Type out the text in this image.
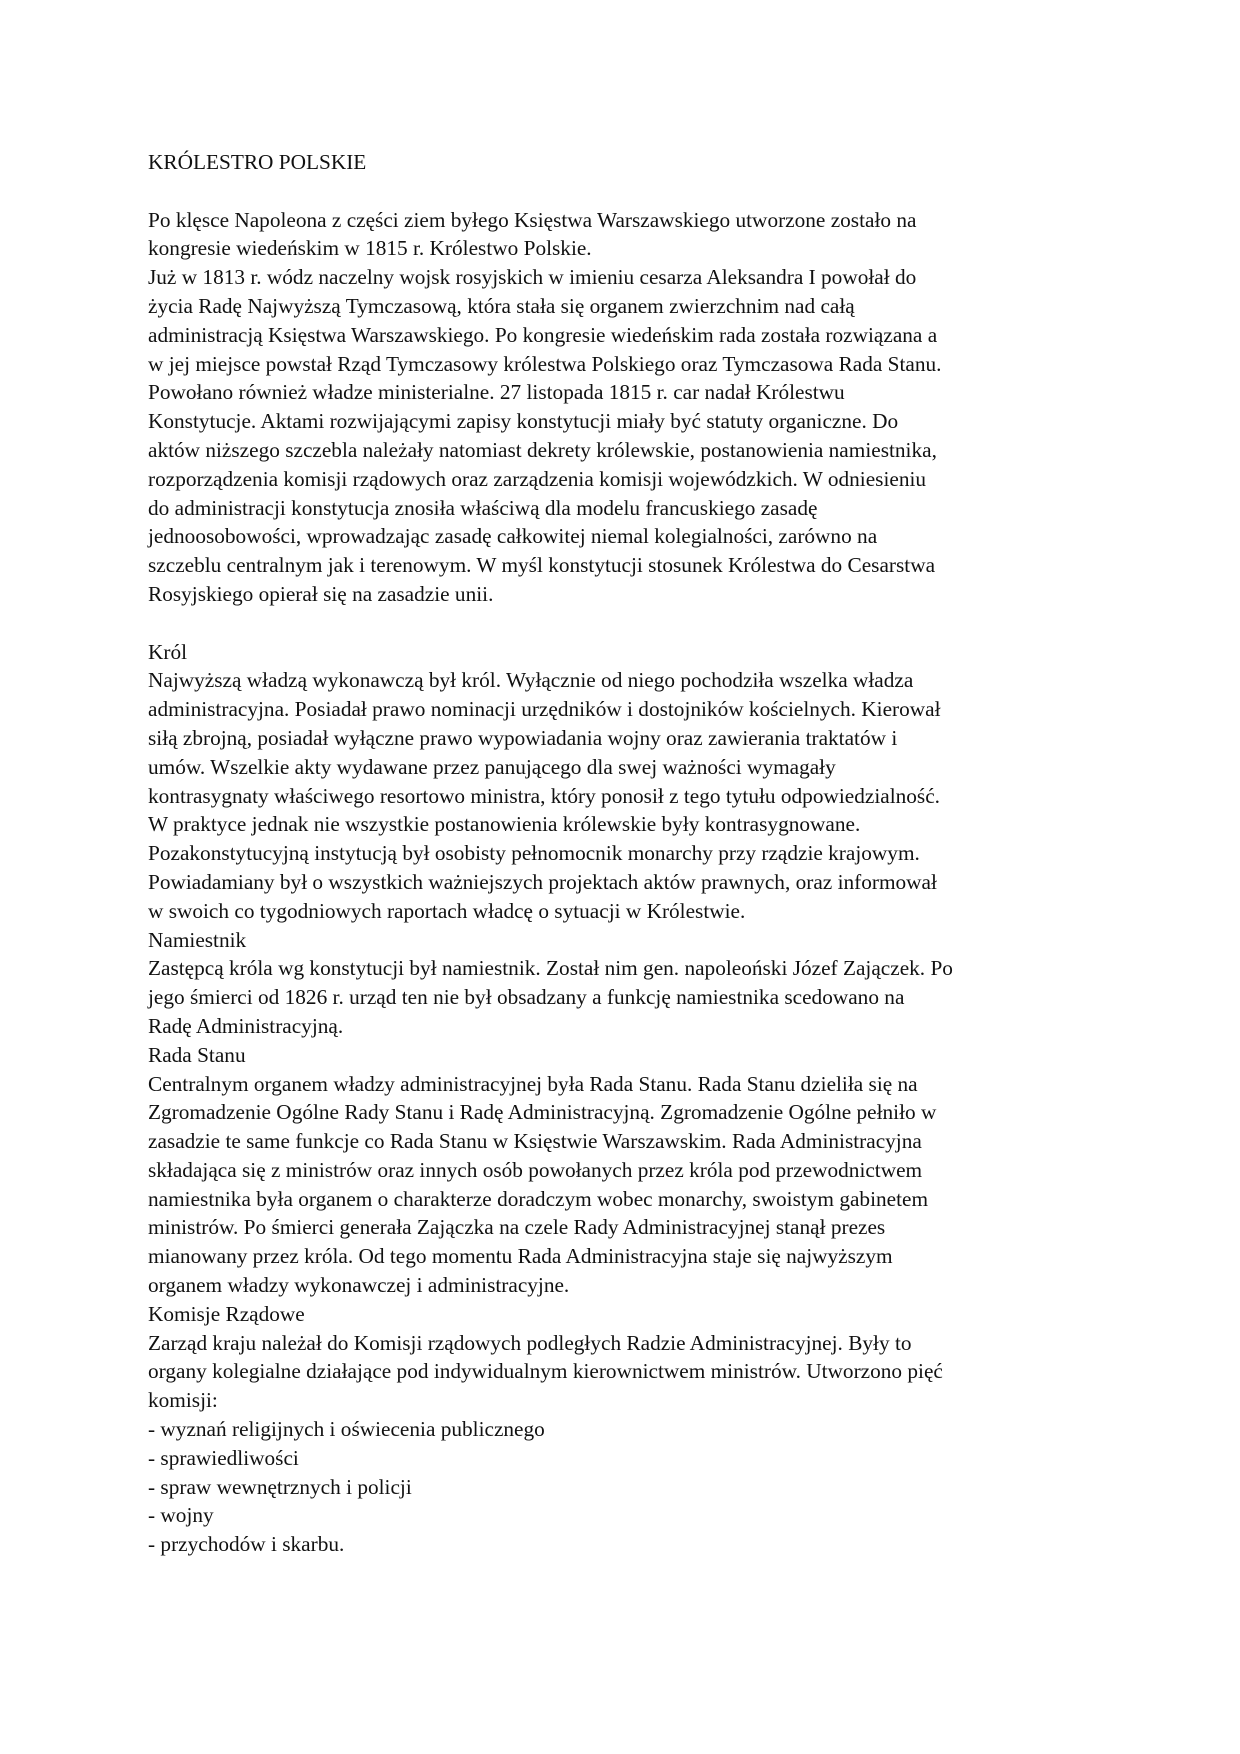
KRÓLESTRO POLSKIE
Po klęsce Napoleona z części ziem byłego Księstwa Warszawskiego utworzone zostało na
kongresie wiedeńskim w 1815 r. Królestwo Polskie.
Już w 1813 r. wódz naczelny wojsk rosyjskich w imieniu cesarza Aleksandra I powołał do
życia Radę Najwyższą Tymczasową, która stała się organem zwierzchnim nad całą
administracją Księstwa Warszawskiego. Po kongresie wiedeńskim rada została rozwiązana a
w jej miejsce powstał Rząd Tymczasowy królestwa Polskiego oraz Tymczasowa Rada Stanu.
Powołano również władze ministerialne. 27 listopada 1815 r. car nadał Królestwu
Konstytucje. Aktami rozwijającymi zapisy konstytucji miały być statuty organiczne. Do
aktów niższego szczebla należały natomiast dekrety królewskie, postanowienia namiestnika,
rozporządzenia komisji rządowych oraz zarządzenia komisji wojewódzkich. W odniesieniu
do administracji konstytucja znosiła właściwą dla modelu francuskiego zasadę
jednoosobowości, wprowadzając zasadę całkowitej niemal kolegialności, zarówno na
szczeblu centralnym jak i terenowym. W myśl konstytucji stosunek Królestwa do Cesarstwa
Rosyjskiego opierał się na zasadzie unii.
Król
Najwyższą władzą wykonawczą był król. Wyłącznie od niego pochodziła wszelka władza
administracyjna. Posiadał prawo nominacji urzędników i dostojników kościelnych. Kierował
siłą zbrojną, posiadał wyłączne prawo wypowiadania wojny oraz zawierania traktatów i
umów. Wszelkie akty wydawane przez panującego dla swej ważności wymagały
kontrasygnaty właściwego resortowo ministra, który ponosił z tego tytułu odpowiedzialność.
W praktyce jednak nie wszystkie postanowienia królewskie były kontrasygnowane.
Pozakonstytucyjną instytucją był osobisty pełnomocnik monarchy przy rządzie krajowym.
Powiadamiany był o wszystkich ważniejszych projektach aktów prawnych, oraz informował
w swoich co tygodniowych raportach władcę o sytuacji w Królestwie.
Namiestnik
Zastępcą króla wg konstytucji był namiestnik. Został nim gen. napoleoński Józef Zajączek. Po
jego śmierci od 1826 r. urząd ten nie był obsadzany a funkcję namiestnika scedowano na
Radę Administracyjną.
Rada Stanu
Centralnym organem władzy administracyjnej była Rada Stanu. Rada Stanu dzieliła się na
Zgromadzenie Ogólne Rady Stanu i Radę Administracyjną. Zgromadzenie Ogólne pełniło w
zasadzie te same funkcje co Rada Stanu w Księstwie Warszawskim. Rada Administracyjna
składająca się z ministrów oraz innych osób powołanych przez króla pod przewodnictwem
namiestnika była organem o charakterze doradczym wobec monarchy, swoistym gabinetem
ministrów. Po śmierci generała Zajączka na czele Rady Administracyjnej stanął prezes
mianowany przez króla. Od tego momentu Rada Administracyjna staje się najwyższym
organem władzy wykonawczej i administracyjne.
Komisje Rządowe
Zarząd kraju należał do Komisji rządowych podległych Radzie Administracyjnej. Były to
organy kolegialne działające pod indywidualnym kierownictwem ministrów. Utworzono pięć
komisji:
- wyznań religijnych i oświecenia publicznego
- sprawiedliwości
- spraw wewnętrznych i policji
- wojny
- przychodów i skarbu.
